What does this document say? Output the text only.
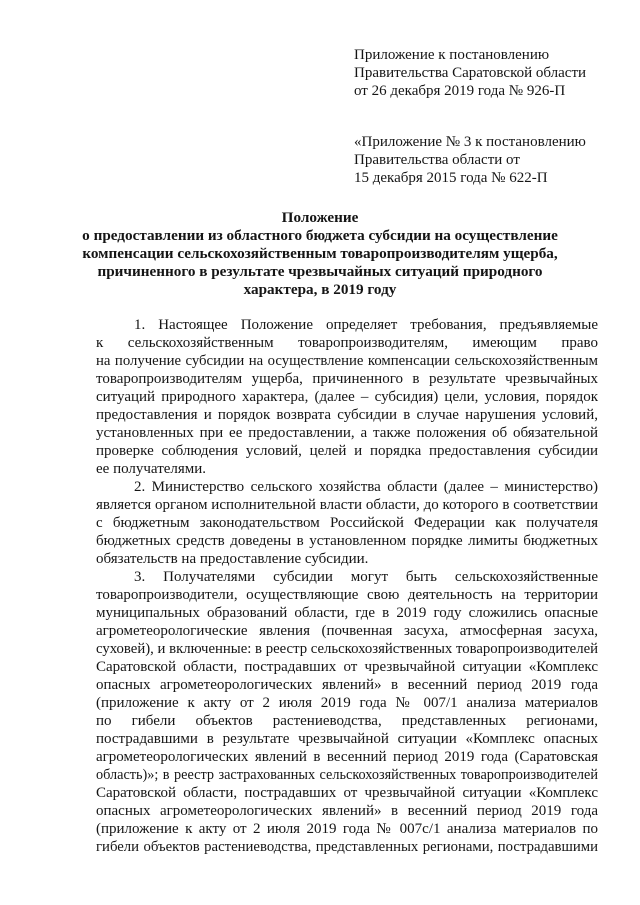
Приложение к постановлению
Правительства Саратовской области
от 26 декабря 2019 года № 926-П
«Приложение № 3 к постановлению
Правительства области от
15 декабря 2015 года № 622-П
Положение
о предоставлении из областного бюджета субсидии на осуществление
компенсации сельскохозяйственным товаропроизводителям ущерба,
причиненного в результате чрезвычайных ситуаций природного
характера, в 2019 году
1. Настоящее Положение определяет требования, предъявляемые
к сельскохозяйственным товаропроизводителям, имеющим право
на получение субсидии на осуществление компенсации сельскохозяйственным
товаропроизводителям ущерба, причиненного в результате чрезвычайных
ситуаций природного характера, (далее – субсидия) цели, условия, порядок
предоставления и порядок возврата субсидии в случае нарушения условий,
установленных при ее предоставлении, а также положения об обязательной
проверке соблюдения условий, целей и порядка предоставления субсидии
ее получателями.
2. Министерство сельского хозяйства области (далее – министерство)
является органом исполнительной власти области, до которого в соответствии
с бюджетным законодательством Российской Федерации как получателя
бюджетных средств доведены в установленном порядке лимиты бюджетных
обязательств на предоставление субсидии.
3. Получателями субсидии могут быть сельскохозяйственные
товаропроизводители, осуществляющие свою деятельность на территории
муниципальных образований области, где в 2019 году сложились опасные
агрометеорологические явления (почвенная засуха, атмосферная засуха,
суховей), и включенные: в реестр сельскохозяйственных товаропроизводителей
Саратовской области, пострадавших от чрезвычайной ситуации «Комплекс
опасных агрометеорологических явлений» в весенний период 2019 года
(приложение к акту от 2 июля 2019 года № 007/1 анализа материалов
по гибели объектов растениеводства, представленных регионами,
пострадавшими в результате чрезвычайной ситуации «Комплекс опасных
агрометеорологических явлений в весенний период 2019 года (Саратовская
область)»; в реестр застрахованных сельскохозяйственных товаропроизводителей
Саратовской области, пострадавших от чрезвычайной ситуации «Комплекс
опасных агрометеорологических явлений» в весенний период 2019 года
(приложение к акту от 2 июля 2019 года № 007с/1 анализа материалов по
гибели объектов растениеводства, представленных регионами, пострадавшими
